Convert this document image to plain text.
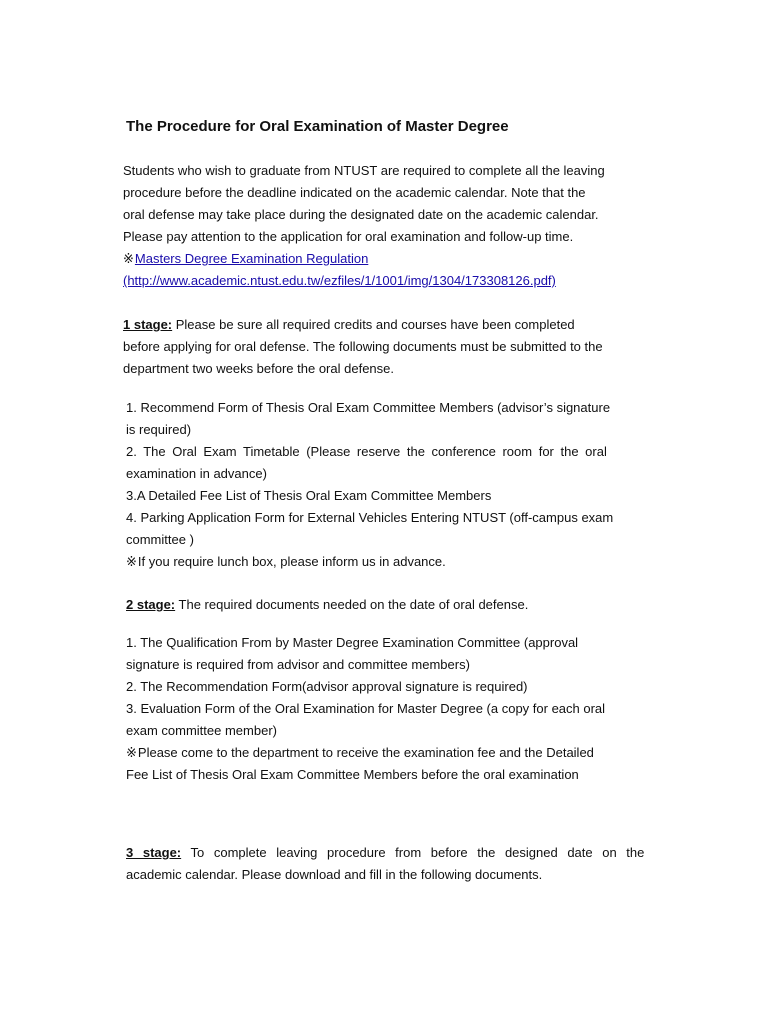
The Procedure for Oral Examination of Master Degree
Students who wish to graduate from NTUST are required to complete all the leaving
procedure before the deadline indicated on the academic calendar. Note that the
oral defense may take place during the designated date on the academic calendar.
Please pay attention to the application for oral examination and follow-up time.
※Masters Degree Examination Regulation
(http://www.academic.ntust.edu.tw/ezfiles/1/1001/img/1304/173308126.pdf)
1 stage: Please be sure all required credits and courses have been completed
before applying for oral defense. The following documents must be submitted to the
department two weeks before the oral defense.
1. Recommend Form of Thesis Oral Exam Committee Members (advisor’s signature
is required)
2. The Oral Exam Timetable (Please reserve the conference room for the oral
examination in advance)
3.A Detailed Fee List of Thesis Oral Exam Committee Members
4. Parking Application Form for External Vehicles Entering NTUST (off-campus exam
committee )
※If you require lunch box, please inform us in advance.
2 stage: The required documents needed on the date of oral defense.
1. The Qualification From by Master Degree Examination Committee (approval
signature is required from advisor and committee members)
2. The Recommendation Form(advisor approval signature is required)
3. Evaluation Form of the Oral Examination for Master Degree (a copy for each oral
exam committee member)
※Please come to the department to receive the examination fee and the Detailed
Fee List of Thesis Oral Exam Committee Members before the oral examination
3 stage: To complete leaving procedure from before the designed date on the
academic calendar. Please download and fill in the following documents.
